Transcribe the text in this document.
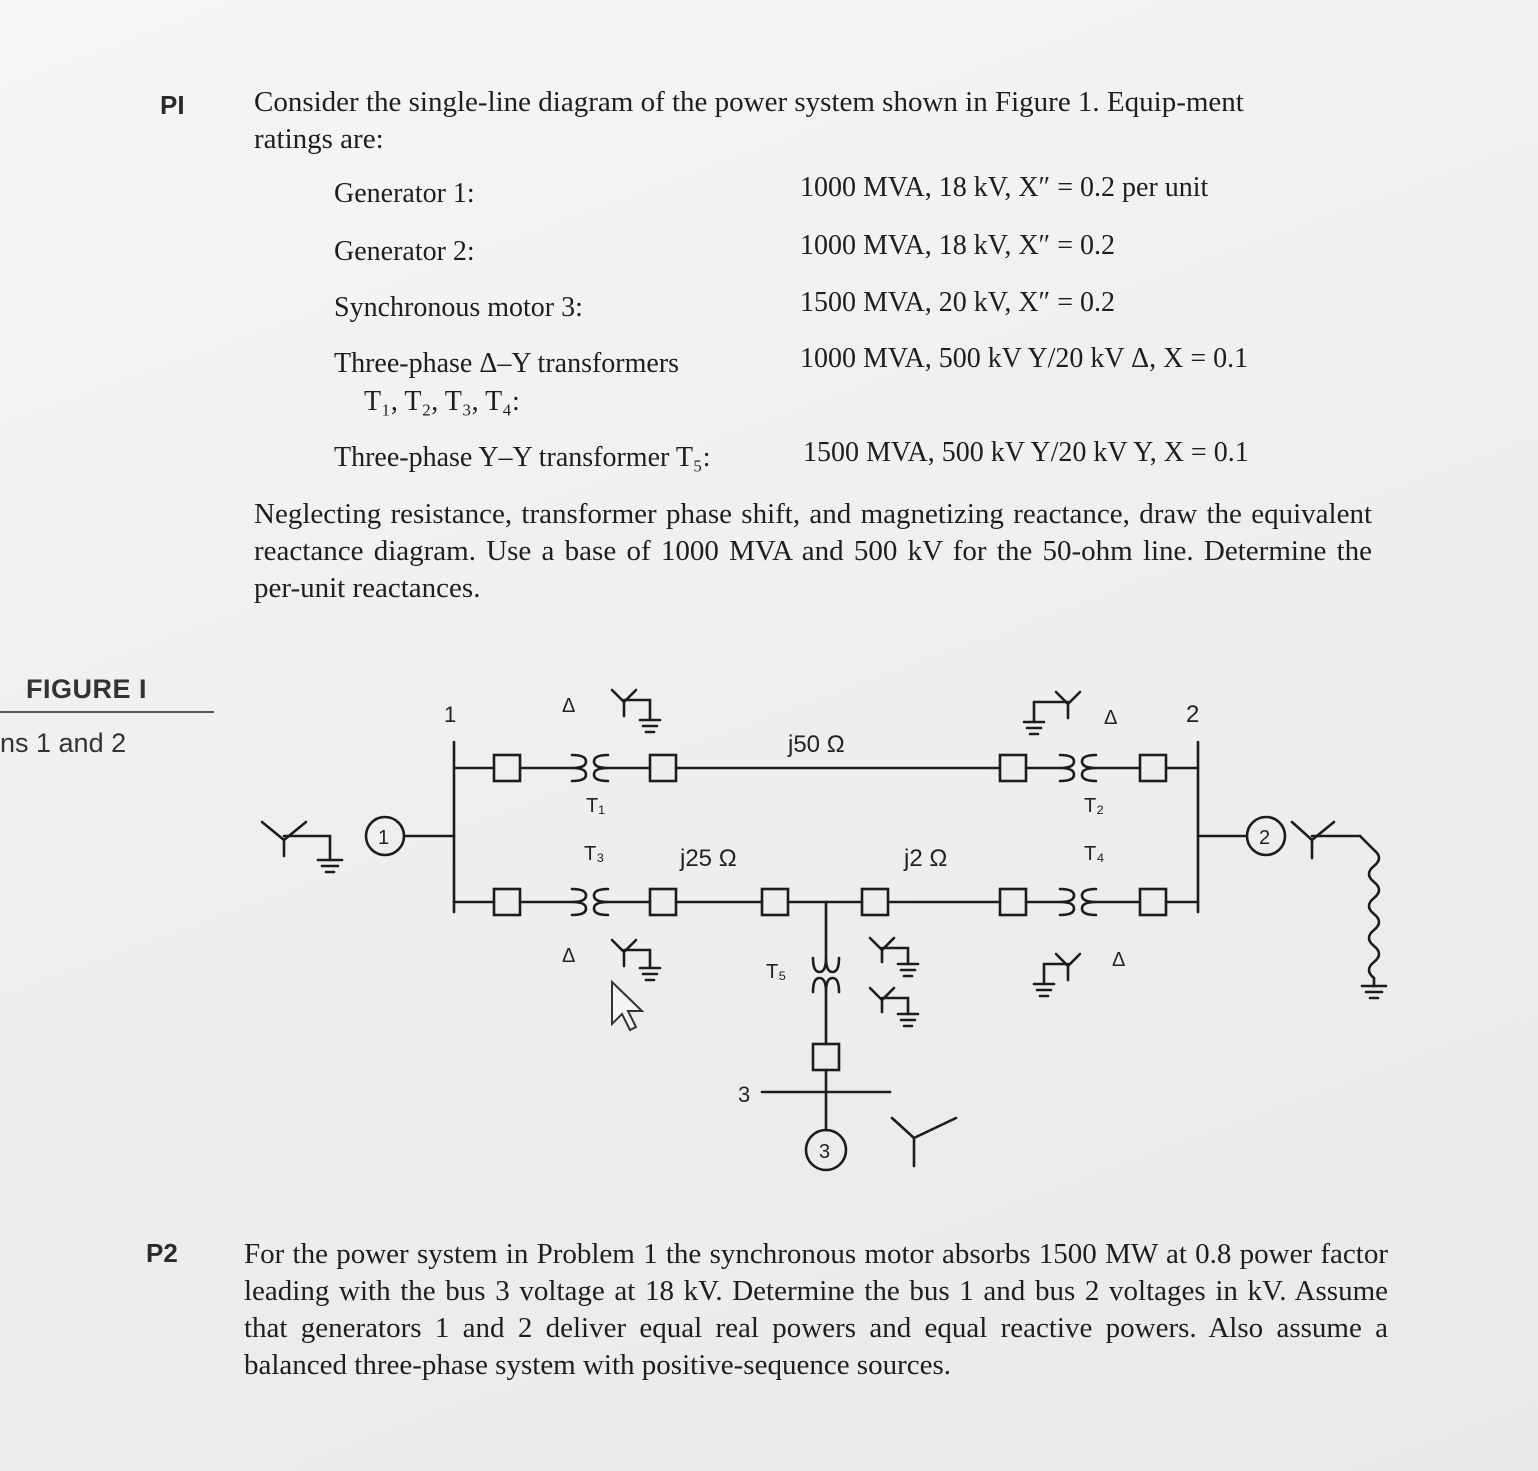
PI Consider the single-line diagram of the power system shown in Figure 1. Equip-ment ratings are:
Generator 1:	1000 MVA, 18 kV, X″ = 0.2 per unit
Generator 2:	1000 MVA, 18 kV, X″ = 0.2
Synchronous motor 3:	1500 MVA, 20 kV, X″ = 0.2
Three-phase Δ–Y transformers
T₁, T₂, T₃, T₄:
1000 MVA, 500 kV Y/20 kV Δ, X = 0.1
Three-phase Y–Y transformer T₅:	1500 MVA, 500 kV Y/20 kV Y, X = 0.1
Neglecting resistance, transformer phase shift, and magnetizing reactance, draw the equivalent reactance diagram. Use a base of 1000 MVA and 500 kV for the 50-ohm line. Determine the per-unit reactances.
FIGURE I
ns 1 and 2
1	2
3
1	2
3
j50 Ω
j25 Ω	j2 Ω
T₁	T₂
T₃	T₄
T₅
Δ
Δ
Δ
Δ
P2 For the power system in Problem 1 the synchronous motor absorbs 1500 MW at 0.8 power factor leading with the bus 3 voltage at 18 kV. Determine the bus 1 and bus 2 voltages in kV. Assume that generators 1 and 2 deliver equal real powers and equal reactive powers. Also assume a balanced three-phase system with positive-sequence sources.
